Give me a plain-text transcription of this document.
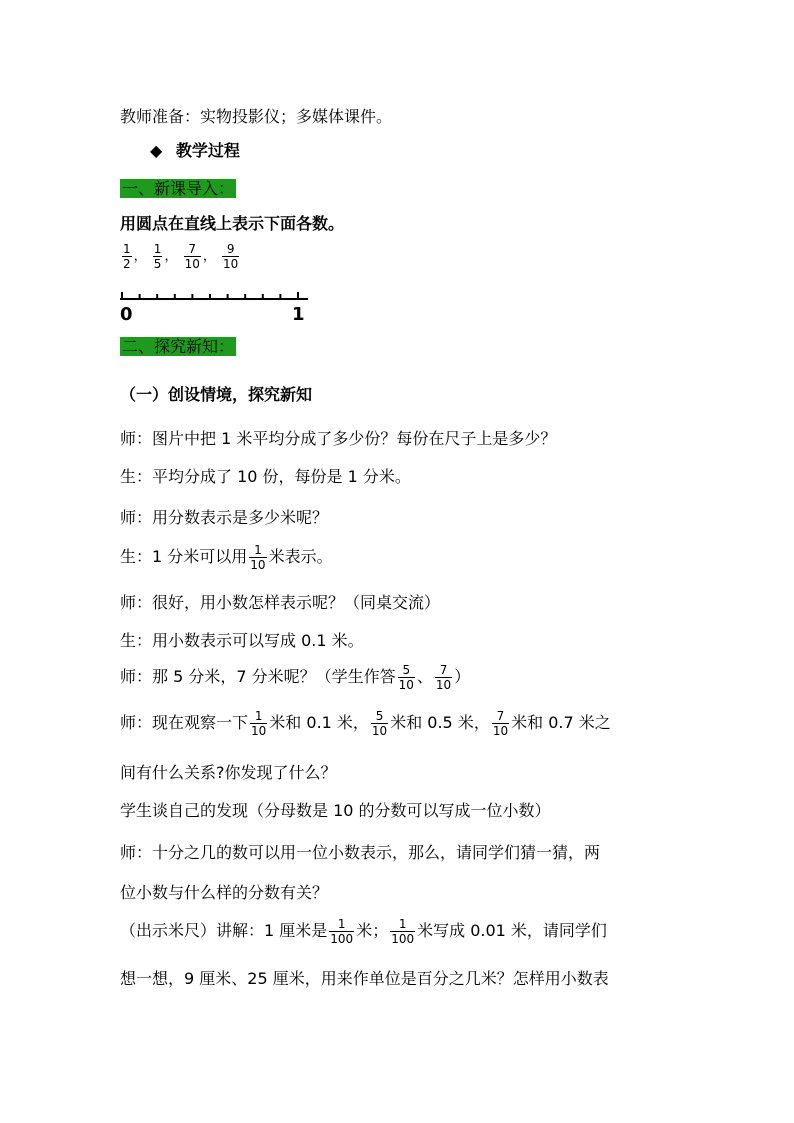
教师准备：实物投影仪；多媒体课件。
◆ 教学过程
一、新课导入：
用圆点在直线上表示下面各数。
$\frac{1}{2}$ ， $\frac{1}{5}$ ， $\frac{7}{10}$ ， $\frac{9}{10}$
0	1
二、探究新知：
（一）创设情境，探究新知
师：图片中把 1 米平均分成了多少份？每份在尺子上是多少？
生：平均分成了 10 份，每份是 1 分米。
师：用分数表示是多少米呢？
生：1 分米可以用 $\frac{1}{10}$ 米表示。
师：很好，用小数怎样表示呢？（同桌交流）
生：用小数表示可以写成 0.1 米。
师：那 5 分米，7 分米呢？（学生作答 $\frac{5}{10}$ 、 $\frac{7}{10}$ ）
师：现在观察一下 $\frac{1}{10}$ 米和 0.1 米， $\frac{5}{10}$ 米和 0.5 米， $\frac{7}{10}$ 米和 0.7 米之
间有什么关系?你发现了什么？
学生谈自己的发现（分母数是 10 的分数可以写成一位小数）
师：十分之几的数可以用一位小数表示，那么，请同学们猜一猜，两
位小数与什么样的分数有关？
（出示米尺）讲解：1 厘米是 $\frac{1}{100}$ 米； $\frac{1}{100}$ 米写成 0.01 米，请同学们
想一想，9 厘米、25 厘米，用来作单位是百分之几米？怎样用小数表
